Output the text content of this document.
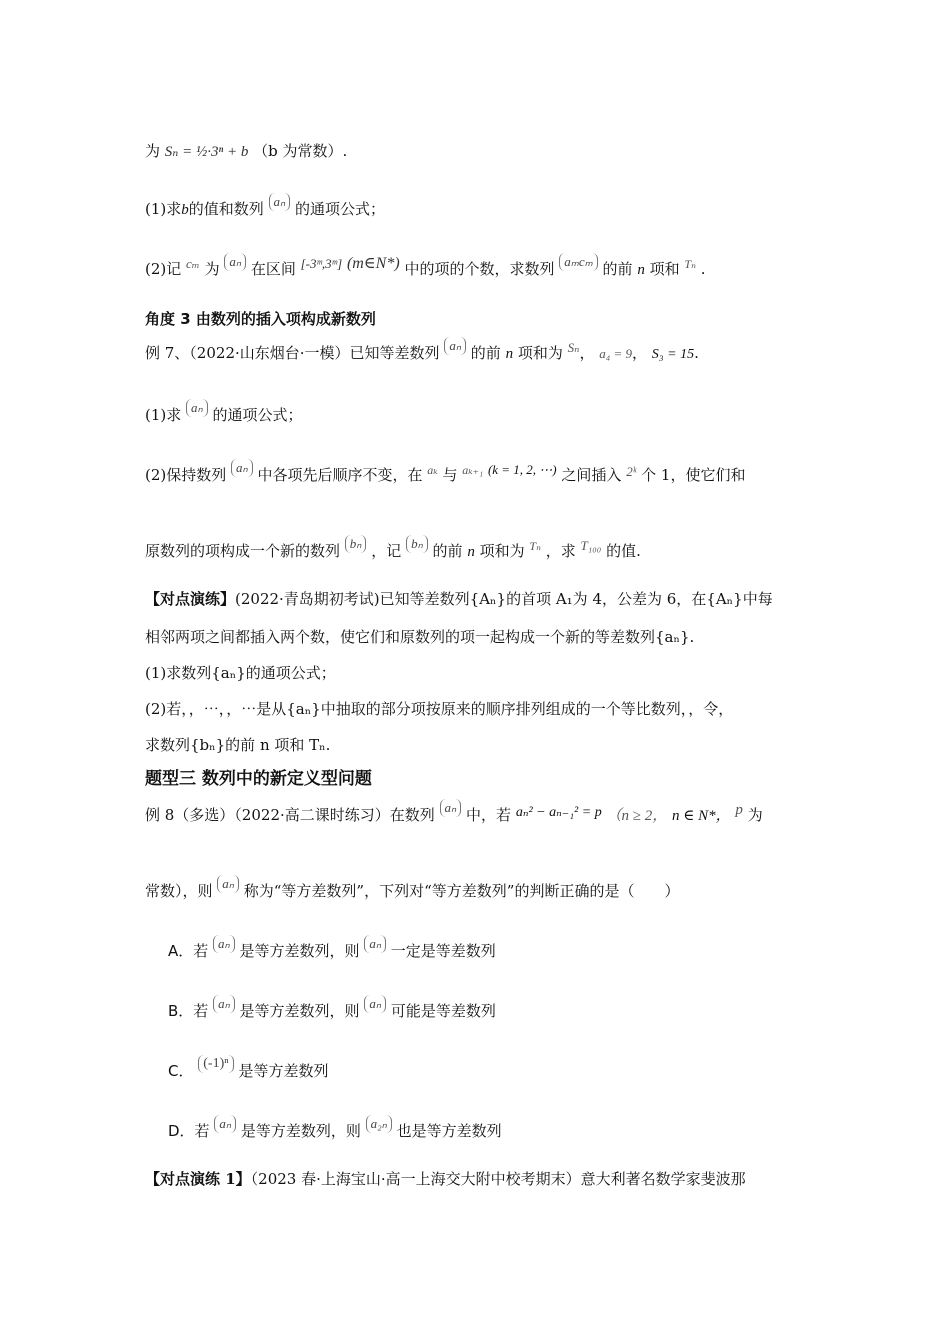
为 Sₙ = ½·3ⁿ + b （b 为常数）.
(1)求b的值和数列 aₙ 的通项公式；
(2)记 cₘ 为 aₙ 在区间 [-3ᵐ,3ᵐ] (m∈N*) 中的项的个数，求数列 aₘcₘ 的前 n 项和 $^{T_n}$ .
角度 3 由数列的插入项构成新数列
例 7、（2022·山东烟台·一模）已知等差数列 aₙ 的前 n 项和为 Sₙ， a₄ = 9， S₃ = 15.
(1)求 aₙ 的通项公式；
(2)保持数列 aₙ 中各项先后顺序不变，在 $^{a_k}$ 与 $^{a_{k+1}}$ (k = 1, 2, ⋯) 之间插入 2ᵏ 个 1，使它们和
原数列的项构成一个新的数列 bₙ ，记 bₙ 的前 n 项和为 $^{T_n}$ ，求 T₁₀₀ 的值.
【对点演练】(2022·青岛期初考试)已知等差数列{Aₙ}的首项 A₁为 4，公差为 6，在{Aₙ}中每
相邻两项之间都插入两个数，使它们和原数列的项一起构成一个新的等差数列{aₙ}.
(1)求数列{aₙ}的通项公式；
(2)若，，⋯，，⋯是从{aₙ}中抽取的部分项按原来的顺序排列组成的一个等比数列，，令，
求数列{bₙ}的前 n 项和 Tₙ.
题型三 数列中的新定义型问题
例 8（多选）（2022·高二课时练习）在数列 aₙ 中，若 aₙ² − aₙ₋₁² = p （n ≥ 2， n ∈ N*， p 为
常数），则 aₙ 称为“等方差数列”，下列对“等方差数列”的判断正确的是（　　）
A．若 aₙ 是等方差数列，则 aₙ 一定是等差数列
B．若 aₙ 是等方差数列，则 aₙ 可能是等差数列
C． (-1)ⁿ 是等方差数列
D．若 aₙ 是等方差数列，则 a₂ₙ 也是等方差数列
【对点演练 1】（2023 春·上海宝山·高一上海交大附中校考期末）意大利著名数学家斐波那
